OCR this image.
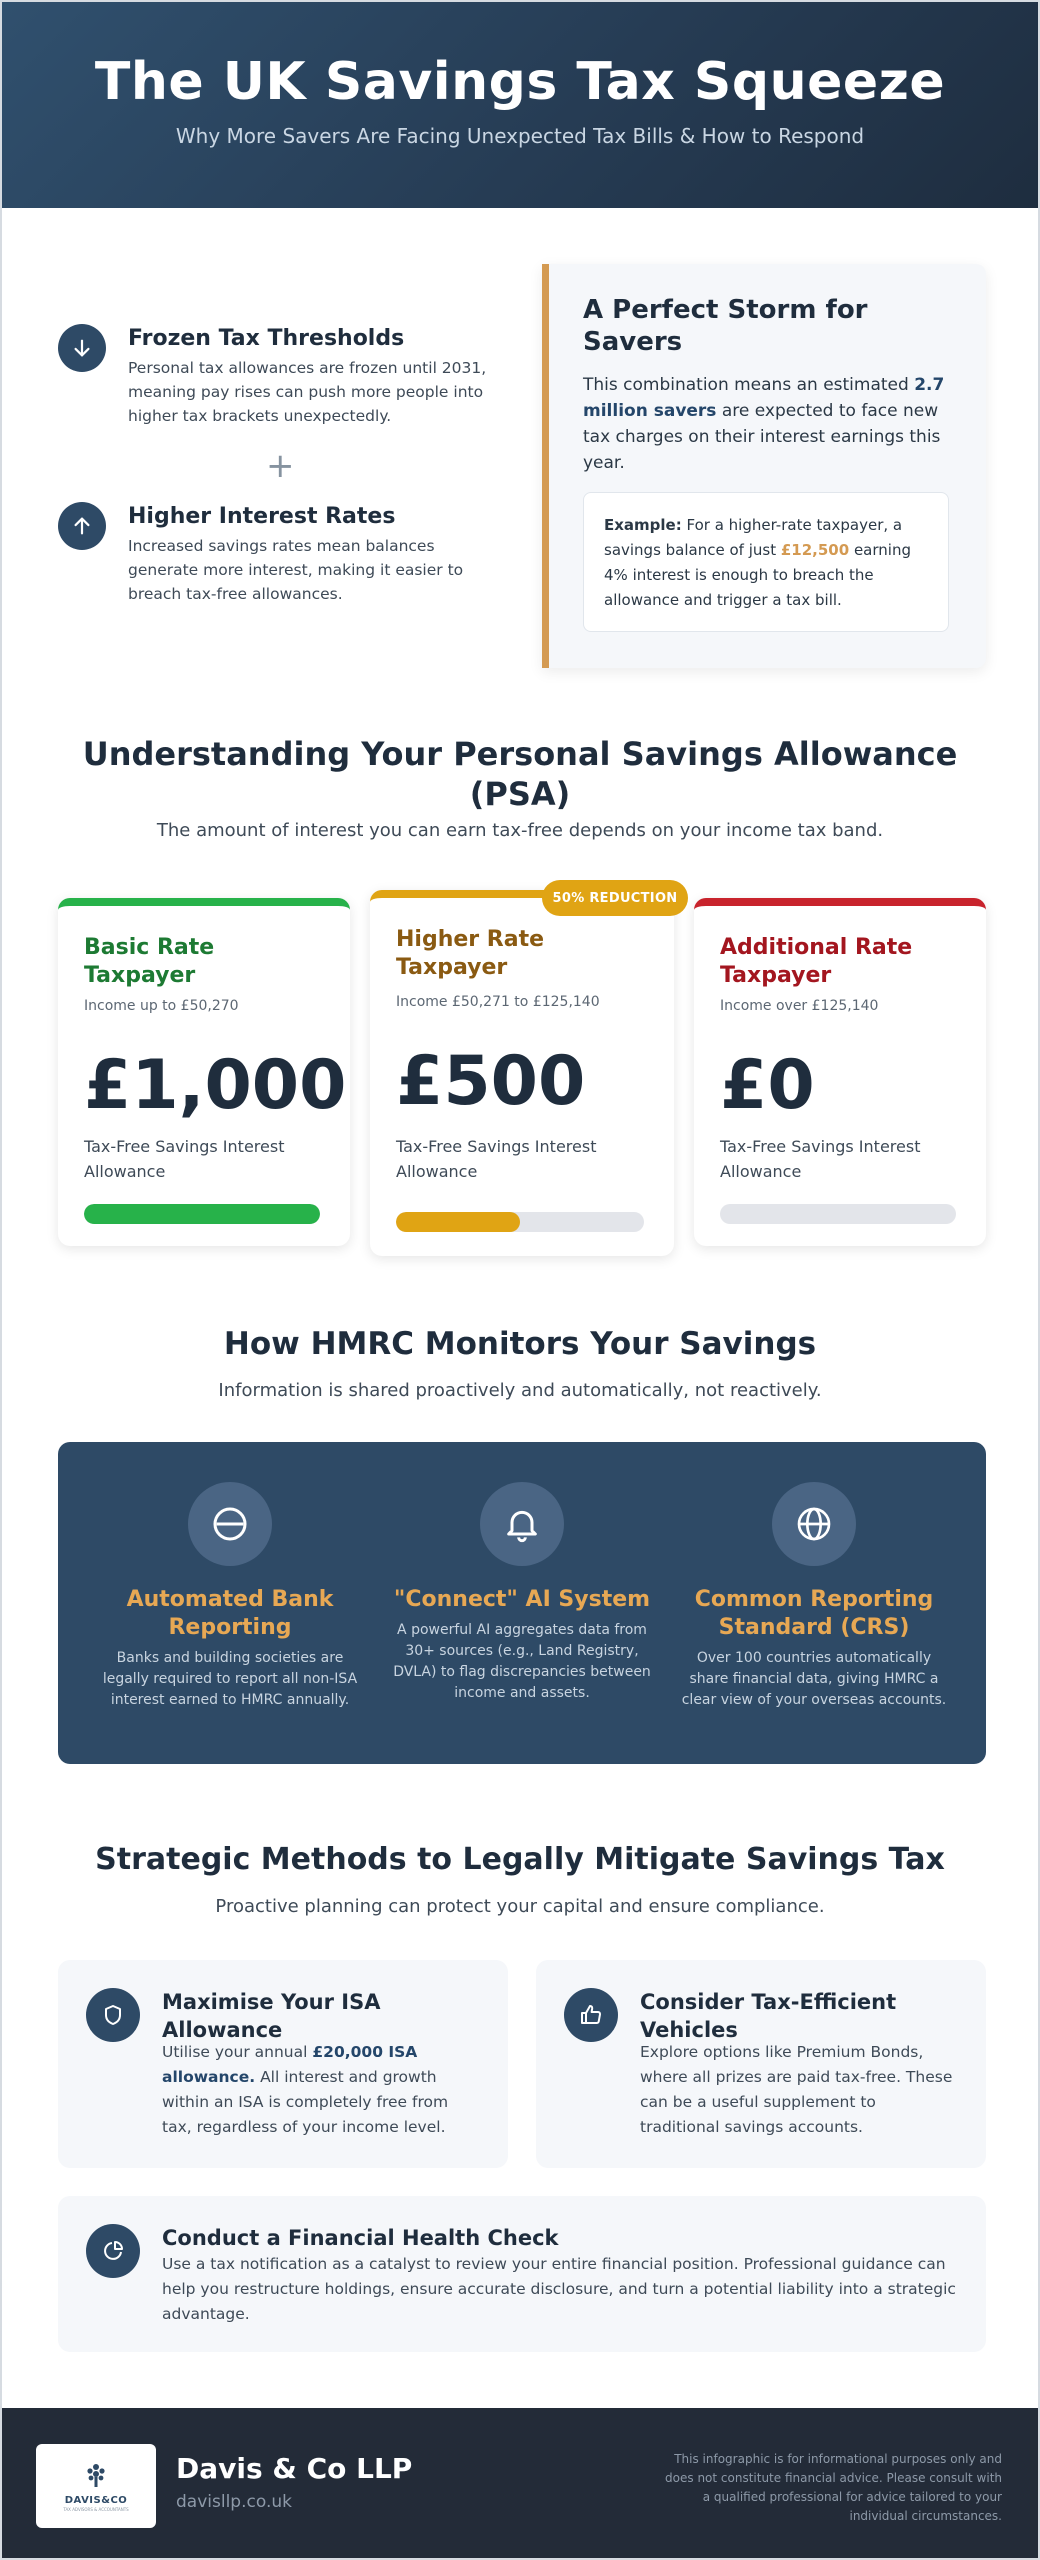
The UK Savings Tax Squeeze
Why More Savers Are Facing Unexpected Tax Bills & How to Respond
Frozen Tax Thresholds

Personal tax allowances are frozen until 2031, meaning pay rises can push more people into higher tax brackets unexpectedly.

+
Higher Interest Rates

Increased savings rates mean balances generate more interest, making it easier to breach tax-free allowances.

A Perfect Storm for Savers
This combination means an estimated 2.7 million savers are expected to face new tax charges on their interest earnings this year.
Example: For a higher-rate taxpayer, a savings balance of just £12,500 earning 4% interest is enough to breach the allowance and trigger a tax bill.
Understanding Your Personal Savings Allowance (PSA)
The amount of interest you can earn tax-free depends on your income tax band.
Basic Rate Taxpayer
Income up to £50,270
£1,000
Tax-Free Savings Interest Allowance
Higher Rate Taxpayer
Income £50,271 to £125,140
£500
Tax-Free Savings Interest Allowance
50% REDUCTION
Additional Rate Taxpayer
Income over £125,140
£0
Tax-Free Savings Interest Allowance
How HMRC Monitors Your Savings
Information is shared proactively and automatically, not reactively.
Automated Bank Reporting

Banks and building societies are legally required to report all non-ISA interest earned to HMRC annually.

"Connect" AI System

A powerful AI aggregates data from 30+ sources (e.g., Land Registry, DVLA) to flag discrepancies between income and assets.

Common Reporting Standard (CRS)

Over 100 countries automatically share financial data, giving HMRC a clear view of your overseas accounts.

Strategic Methods to Legally Mitigate Savings Tax
Proactive planning can protect your capital and ensure compliance.
Maximise Your ISA Allowance

Utilise your annual £20,000 ISA allowance. All interest and growth within an ISA is completely free from tax, regardless of your income level.

Consider Tax-Efficient Vehicles

Explore options like Premium Bonds, where all prizes are paid tax-free. These can be a useful supplement to traditional savings accounts.

Conduct a Financial Health Check

Use a tax notification as a catalyst to review your entire financial position. Professional guidance can help you restructure holdings, ensure accurate disclosure, and turn a potential liability into a strategic advantage.

DAVIS&CO
TAX ADVISORS & ACCOUNTANTS
Davis & Co LLP
davisllp.co.uk
This infographic is for informational purposes only and does not constitute financial advice. Please consult with a qualified professional for advice tailored to your individual circumstances.
